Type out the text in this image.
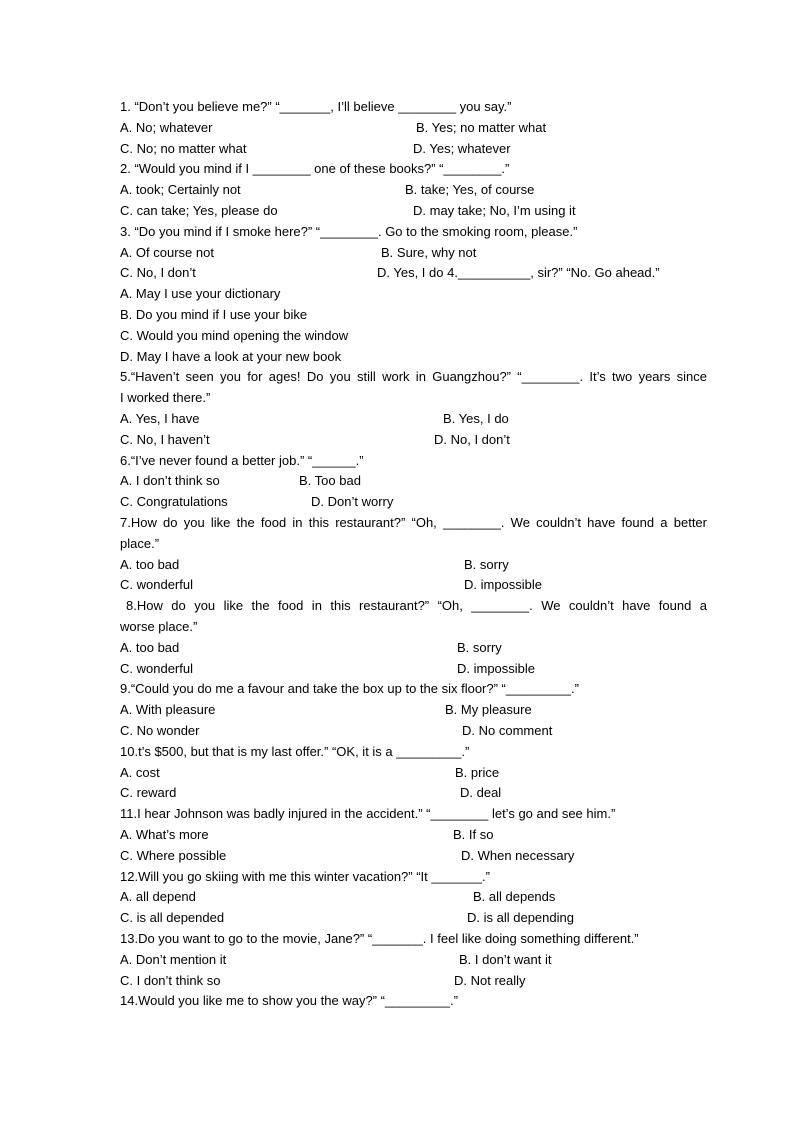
1. “Don’t you believe me?” “_______, I’ll believe ________ you say.”
A. No; whatever	B. Yes; no matter what
C. No; no matter what	D. Yes; whatever
2. “Would you mind if I ________ one of these books?” “________.”
A. took; Certainly not	B. take; Yes, of course
C. can take; Yes, please do	D. may take; No, I’m using it
3. “Do you mind if I smoke here?” “________. Go to the smoking room, please.”
A. Of course not	B. Sure, why not
C. No, I don’t	D. Yes, I do 4.__________, sir?” “No. Go ahead.”
A. May I use your dictionary
B. Do you mind if I use your bike
C. Would you mind opening the window
D. May I have a look at your new book
5.“Haven’t seen you for ages! Do you still work in Guangzhou?” “________. It’s two years since
I worked there.”
A. Yes, I have	B. Yes, I do
C. No, I haven’t	D. No, I don’t
6.“I’ve never found a better job.” “______.”
A. I don’t think so	B. Too bad
C. Congratulations	D. Don’t worry
7.How do you like the food in this restaurant?” “Oh, ________. We couldn’t have found a better
place.”
A. too bad	B. sorry
C. wonderful	D. impossible
8.How do you like the food in this restaurant?” “Oh, ________. We couldn’t have found a
worse place.”
A. too bad	B. sorry
C. wonderful	D. impossible
9.“Could you do me a favour and take the box up to the six floor?” “_________.”
A. With pleasure	B. My pleasure
C. No wonder	D. No comment
10.t’s $500, but that is my last offer.” “OK, it is a _________.”
A. cost	B. price
C. reward	D. deal
11.I hear Johnson was badly injured in the accident.” “________ let’s go and see him.”
A. What’s more	B. If so
C. Where possible	D. When necessary
12.Will you go skiing with me this winter vacation?” “It _______.”
A. all depend	B. all depends
C. is all depended	D. is all depending
13.Do you want to go to the movie, Jane?” “_______. I feel like doing something different.”
A. Don’t mention it	B. I don’t want it
C. I don’t think so	D. Not really
14.Would you like me to show you the way?” “_________.”
